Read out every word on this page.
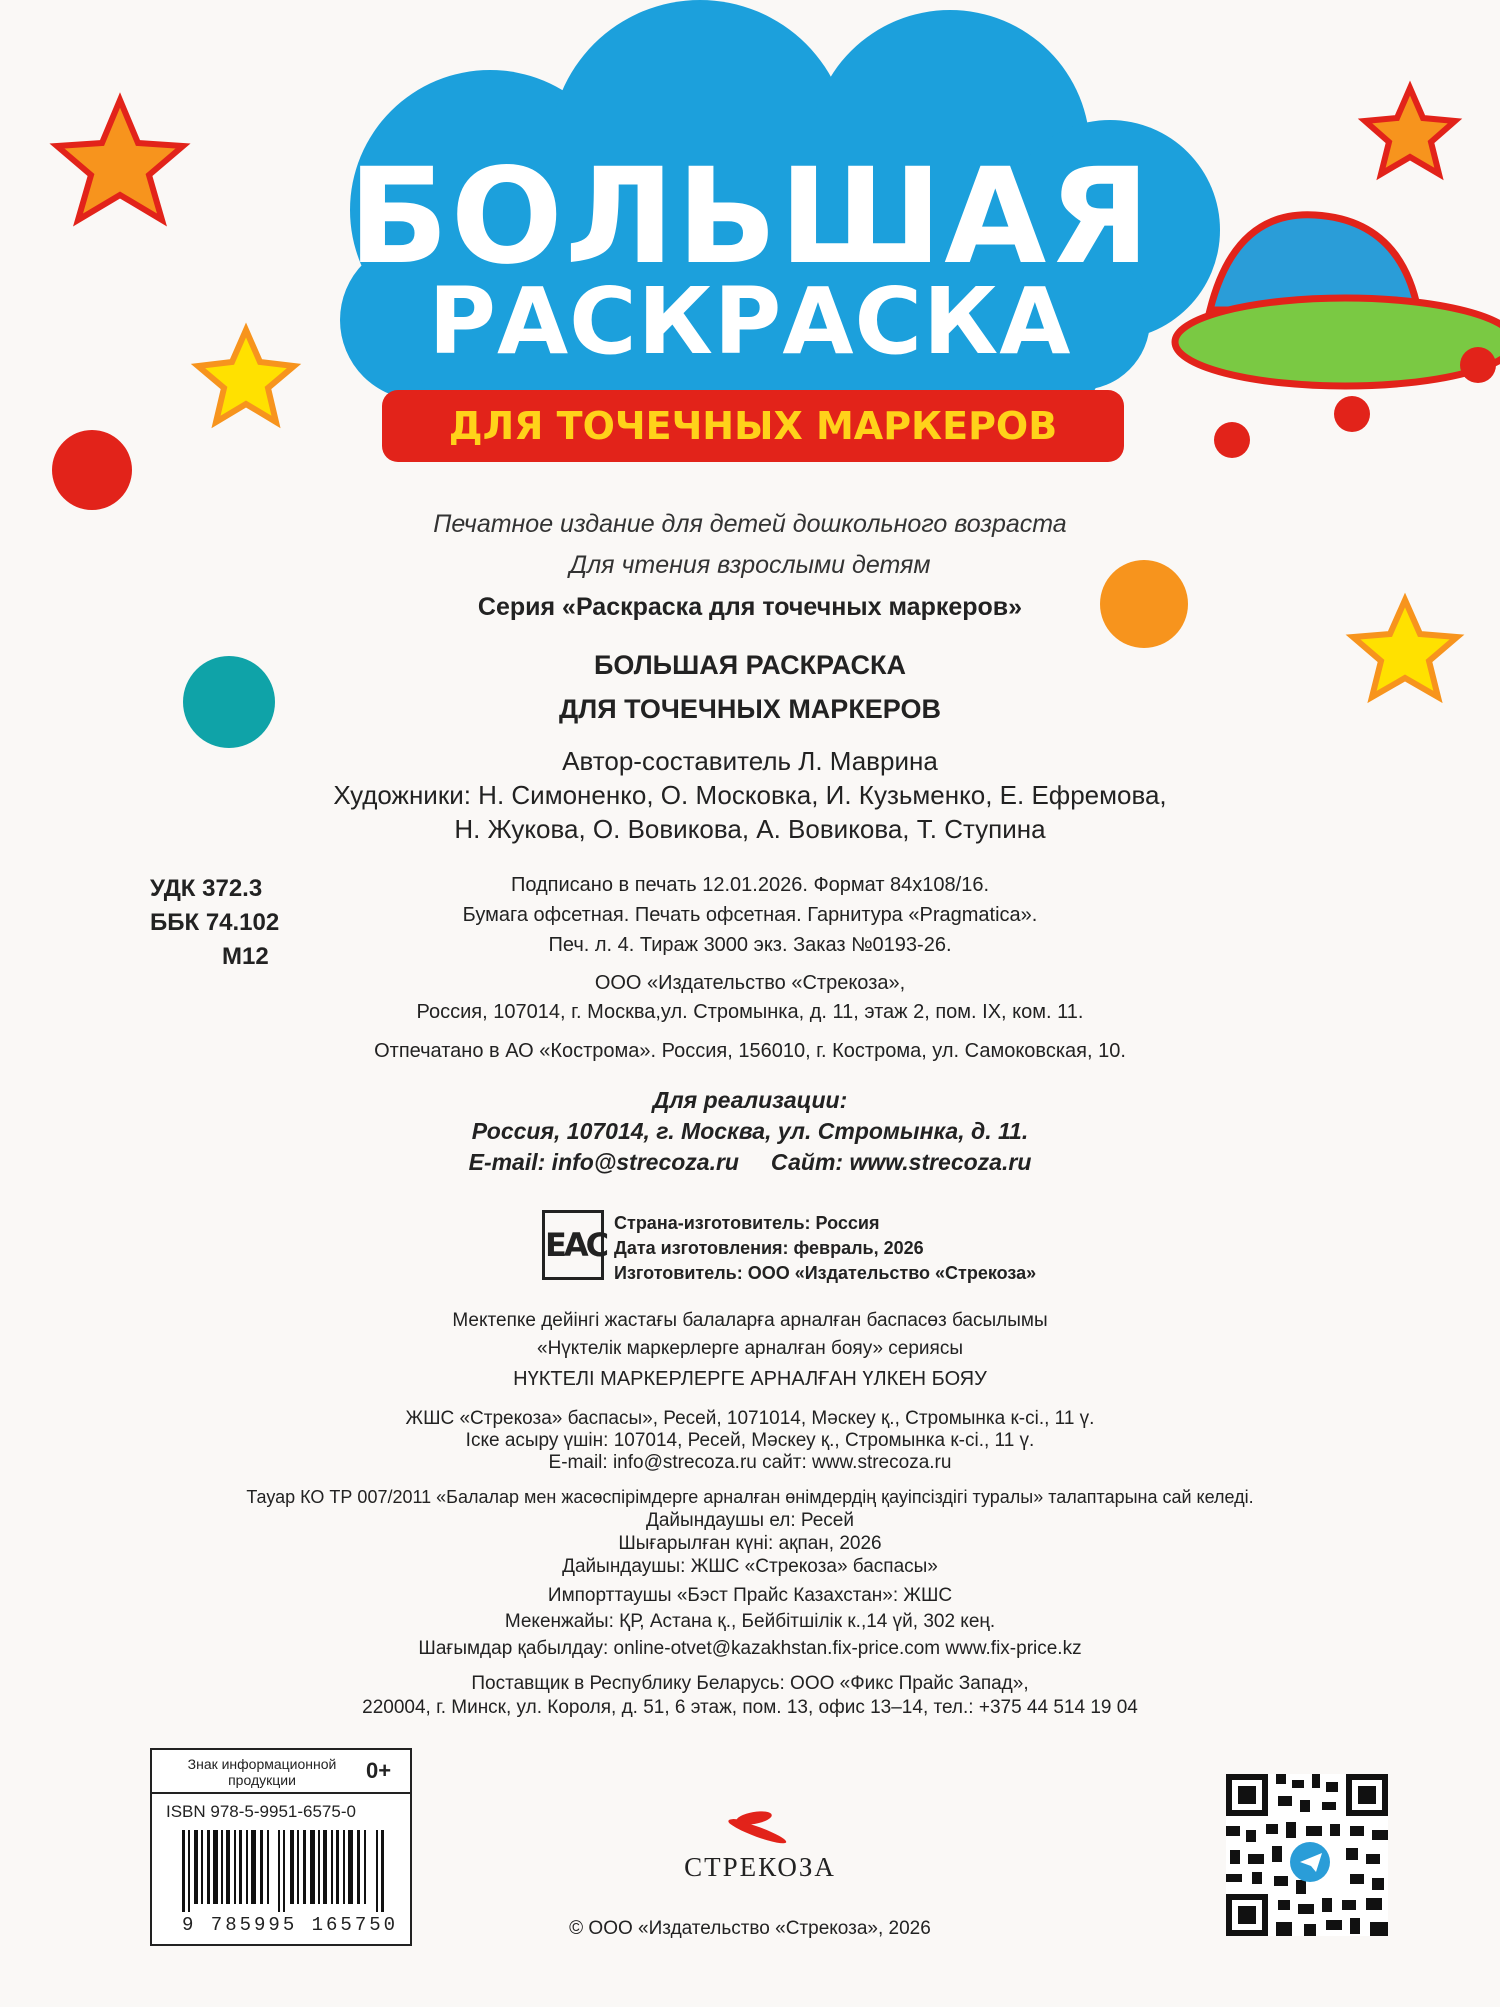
БОЛЬШАЯ
РАСКРАСКА
ДЛЯ ТОЧЕЧНЫХ МАРКЕРОВ
Печатное издание для детей дошкольного возраста
Для чтения взрослыми детям
Серия «Раскраска для точечных маркеров»
БОЛЬШАЯ РАСКРАСКА
ДЛЯ ТОЧЕЧНЫХ МАРКЕРОВ
Автор-составитель Л. Маврина
Художники: Н. Симоненко, О. Московка, И. Кузьменко, Е. Ефремова,
Н. Жукова, О. Вовикова, А. Вовикова, Т. Ступина
УДК 372.3
ББК 74.102
М12
Подписано в печать 12.01.2026. Формат 84х108/16.
Бумага офсетная. Печать офсетная. Гарнитура «Pragmatica».
Печ. л. 4. Тираж 3000 экз. Заказ №0193-26.
ООО «Издательство «Стрекоза»,
Россия, 107014, г. Москва,ул. Стромынка, д. 11, этаж 2, пом. IX, ком. 11.
Отпечатано в АО «Кострома». Россия, 156010, г. Кострома, ул. Самоковская, 10.
Для реализации:
Россия, 107014, г. Москва, ул. Стромынка, д. 11.
E-mail: info@strecoza.ru     Сайт: www.strecoza.ru
EAC
Страна-изготовитель: Россия
Дата изготовления: февраль, 2026
Изготовитель: ООО «Издательство «Стрекоза»
Мектепке дейінгі жастағы балаларға арналған баспасөз басылымы
«Нүктелік маркерлерге арналған бояу» сериясы
НҮКТЕЛІ МАРКЕРЛЕРГЕ АРНАЛҒАН ҮЛКЕН БОЯУ
ЖШС «Стрекоза» баспасы», Ресей, 1071014, Мәскеу қ., Стромынка к-сі., 11 ү.
Іске асыру үшін: 107014, Ресей, Мәскеу қ., Стромынка к-сі., 11 ү.
E-mail: info@strecoza.ru сайт: www.strecoza.ru
Тауар КО ТР 007/2011 «Балалар мен жасөспірімдерге арналған өнімдердің қауіпсіздігі туралы» талаптарына сай келеді.
Дайындаушы ел: Ресей
Шығарылған күні: ақпан, 2026
Дайындаушы: ЖШС «Стрекоза» баспасы»
Импорттаушы «Бэст Прайс Казахстан»: ЖШС
Мекенжайы: ҚР, Астана қ., Бейбітшілік к.,14 үй, 302 кең.
Шағымдар қабылдау: online-otvet@kazakhstan.fix-price.com www.fix-price.kz
Поставщик в Республику Беларусь: ООО «Фикс Прайс Запад»,
220004, г. Минск, ул. Короля, д. 51, 6 этаж, пом. 13, офис 13–14, тел.: +375 44 514 19 04
Знак информационной продукции	0+
ISBN 978-5-9951-6575-0
9 785995 165750
СТРЕКОЗА
© ООО «Издательство «Стрекоза», 2026
